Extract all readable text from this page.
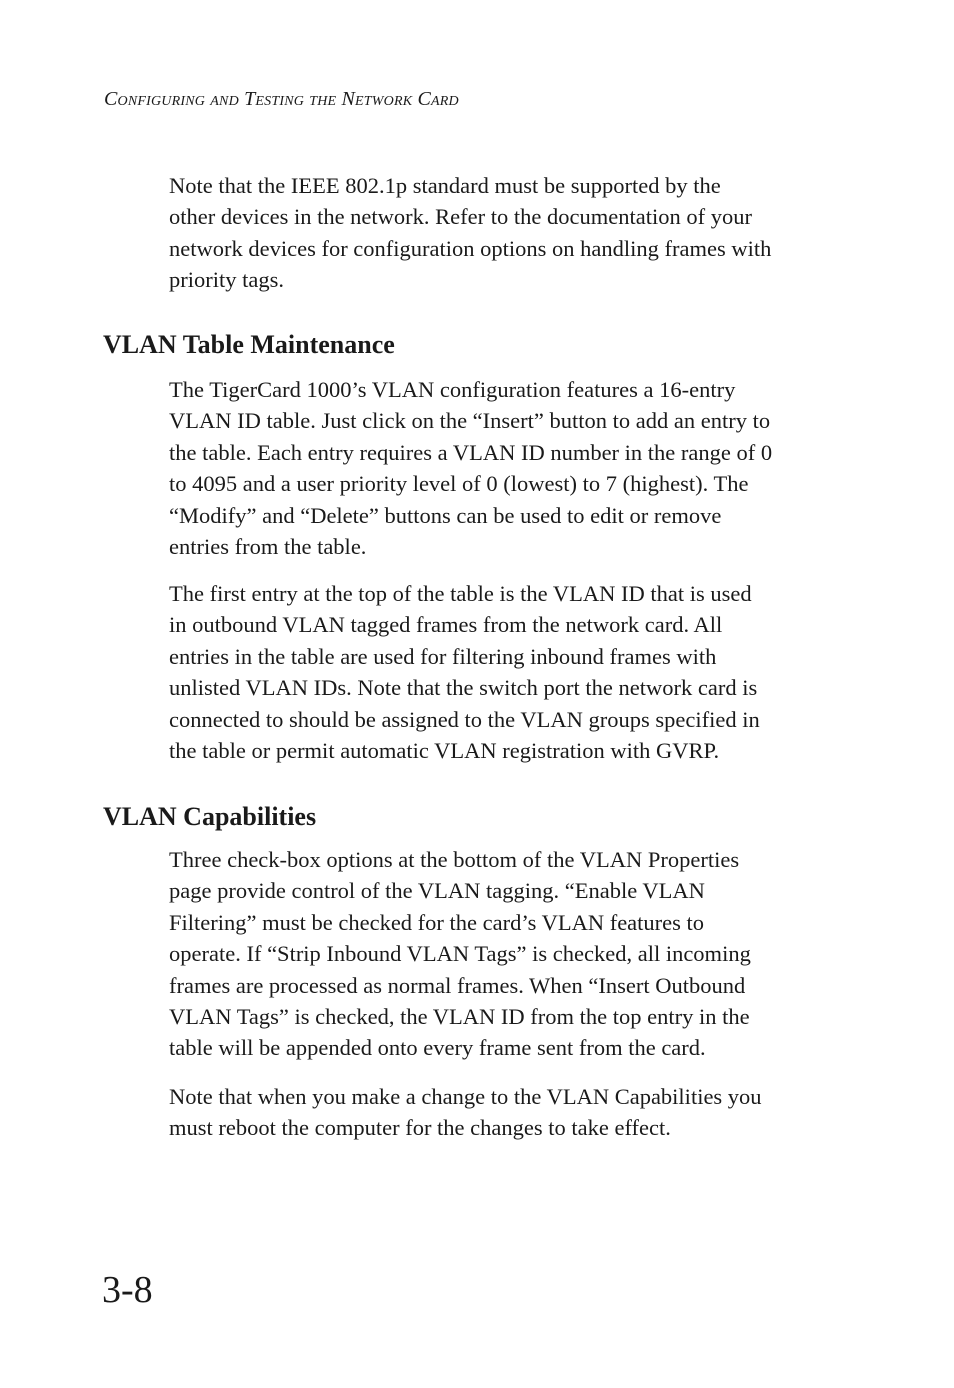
Configuring and Testing the Network Card

Note that the IEEE 802.1p standard must be supported by the
other devices in the network. Refer to the documentation of your
network devices for configuration options on handling frames with
priority tags.

VLAN Table Maintenance

The TigerCard 1000’s VLAN configuration features a 16-entry
VLAN ID table. Just click on the “Insert” button to add an entry to
the table. Each entry requires a VLAN ID number in the range of 0
to 4095 and a user priority level of 0 (lowest) to 7 (highest). The
“Modify” and “Delete” buttons can be used to edit or remove
entries from the table.

The first entry at the top of the table is the VLAN ID that is used
in outbound VLAN tagged frames from the network card. All
entries in the table are used for filtering inbound frames with
unlisted VLAN IDs. Note that the switch port the network card is
connected to should be assigned to the VLAN groups specified in
the table or permit automatic VLAN registration with GVRP.

VLAN Capabilities

Three check-box options at the bottom of the VLAN Properties
page provide control of the VLAN tagging. “Enable VLAN
Filtering” must be checked for the card’s VLAN features to
operate. If “Strip Inbound VLAN Tags” is checked, all incoming
frames are processed as normal frames. When “Insert Outbound
VLAN Tags” is checked, the VLAN ID from the top entry in the
table will be appended onto every frame sent from the card.

Note that when you make a change to the VLAN Capabilities you
must reboot the computer for the changes to take effect.

3-8
